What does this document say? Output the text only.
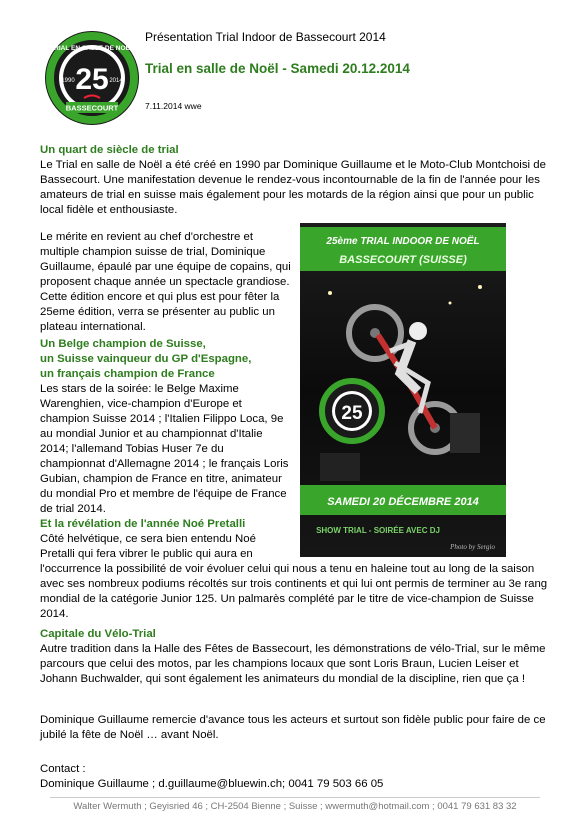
TRIAL EN SALLE DE NOËL
25
1990	2014
BASSECOURT
Présentation Trial Indoor de Bassecourt 2014
Trial en salle de Noël - Samedi 20.12.2014
7.11.2014 wwe
Un quart de siècle de trial

Le Trial en salle de Noël a été créé en 1990 par Dominique Guillaume et le Moto-Club Montchoisi de Bassecourt. Une manifestation devenue le rendez-vous incontournable de la fin de l'année pour les amateurs de trial en suisse mais également pour les motards de la région ainsi que pour un public local fidèle et enthousiaste.

Le mérite en revient au chef d'orchestre et multiple champion suisse de trial, Dominique Guillaume, épaulé par une équipe de copains, qui proposent chaque année un spectacle grandiose. Cette édition encore et qui plus est pour fêter la 25eme édition, verra se présenter au public un plateau international.

Un Belge champion de Suisse,
un Suisse vainqueur du GP d'Espagne,
un français champion de France

Les stars de la soirée: le Belge Maxime Warenghien, vice-champion d'Europe et champion Suisse 2014 ; l'Italien Filippo Loca, 9e au mondial Junior et au championnat d'Italie 2014; l'allemand Tobias Huser 7e du championnat d'Allemagne 2014 ; le français Loris Gubian, champion de France en titre, animateur du mondial Pro et membre de l'équipe de France de trial 2014.

Et la révélation de l'année Noé Pretalli

Côté helvétique, ce sera bien entendu Noé Pretalli qui fera vibrer le public qui aura en

l'occurrence la possibilité de voir évoluer celui qui nous a tenu en haleine tout au long de la saison avec ses nombreux podiums récoltés sur trois continents et qui lui ont permis de terminer au 3e rang mondial de la catégorie Junior 125. Un palmarès complété par le titre de vice-champion de Suisse 2014.

Capitale du Vélo-Trial

Autre tradition dans la Halle des Fêtes de Bassecourt, les démonstrations de vélo-Trial, sur le même parcours que celui des motos, par les champions locaux que sont Loris Braun, Lucien Leiser et Johann Buchwalder, qui sont également les animateurs du mondial de la discipline, rien que ça !

Dominique Guillaume remercie d'avance tous les acteurs et surtout son fidèle public pour faire de ce jubilé la fête de Noël … avant Noël.

Contact :
Dominique Guillaume ; d.guillaume@bluewin.ch; 0041 79 503 66 05
25ème TRIAL INDOOR DE NOËL
BASSECOURT (SUISSE)
25
SAMEDI 20 DÉCEMBRE 2014
SHOW TRIAL - SOIRÉE AVEC DJ
Photo by Sergio
Walter Wermuth ; Geyisried 46 ; CH-2504 Bienne ; Suisse ; wwermuth@hotmail.com ; 0041 79 631 83 32
